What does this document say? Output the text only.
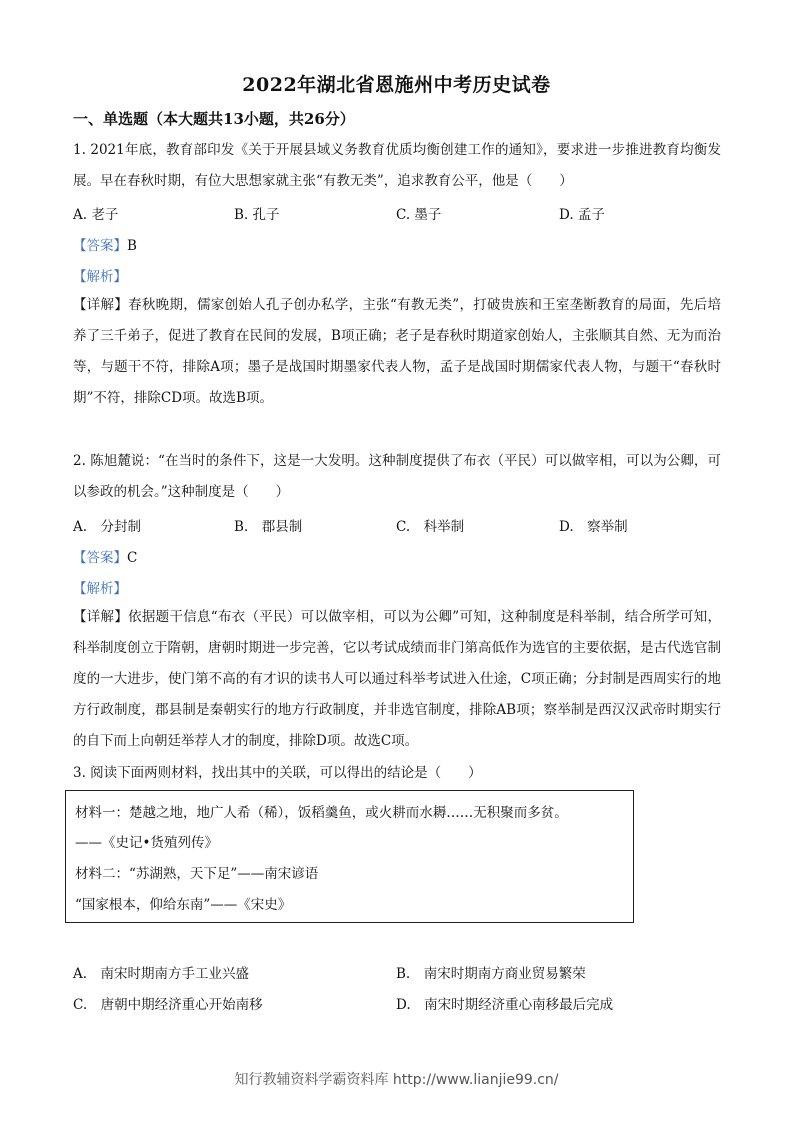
2022年湖北省恩施州中考历史试卷
一、单选题（本大题共13小题，共26分）
1. 2021年底，教育部印发《关于开展县域义务教育优质均衡创建工作的通知》，要求进一步推进教育均衡发展。早在春秋时期，有位大思想家就主张“有教无类”，追求教育公平，他是（　　）
A. 老子	B. 孔子	C. 墨子	D. 孟子
【答案】B
【解析】
【详解】春秋晚期，儒家创始人孔子创办私学，主张“有教无类”，打破贵族和王室垄断教育的局面，先后培养了三千弟子，促进了教育在民间的发展，B项正确；老子是春秋时期道家创始人，主张顺其自然、无为而治等，与题干不符，排除A项；墨子是战国时期墨家代表人物，孟子是战国时期儒家代表人物，与题干“春秋时期”不符，排除CD项。故选B项。
2. 陈旭麓说：“在当时的条件下，这是一大发明。这种制度提供了布衣（平民）可以做宰相，可以为公卿，可以参政的机会。”这种制度是（　　）
A.　分封制	B.　郡县制	C.　科举制	D.　察举制
【答案】C
【解析】
【详解】依据题干信息“布衣（平民）可以做宰相，可以为公卿”可知，这种制度是科举制，结合所学可知，科举制度创立于隋朝，唐朝时期进一步完善，它以考试成绩而非门第高低作为选官的主要依据，是古代选官制度的一大进步，使门第不高的有才识的读书人可以通过科举考试进入仕途，C项正确；分封制是西周实行的地方行政制度，郡县制是秦朝实行的地方行政制度，并非选官制度，排除AB项；察举制是西汉汉武帝时期实行的自下而上向朝廷举荐人才的制度，排除D项。故选C项。
3. 阅读下面两则材料，找出其中的关联，可以得出的结论是（　　）
材料一：楚越之地，地广人希（稀），饭稻羹鱼，或火耕而水耨……无积聚而多贫。
——《史记•货殖列传》
材料二：“苏湖熟，天下足”——南宋谚语
“国家根本，仰给东南”——《宋史》
A.　南宋时期南方手工业兴盛	B.　南宋时期南方商业贸易繁荣
C.　唐朝中期经济重心开始南移	D.　南宋时期经济重心南移最后完成
知行教辅资料学霸资料库 http://www.lianjie99.cn/
